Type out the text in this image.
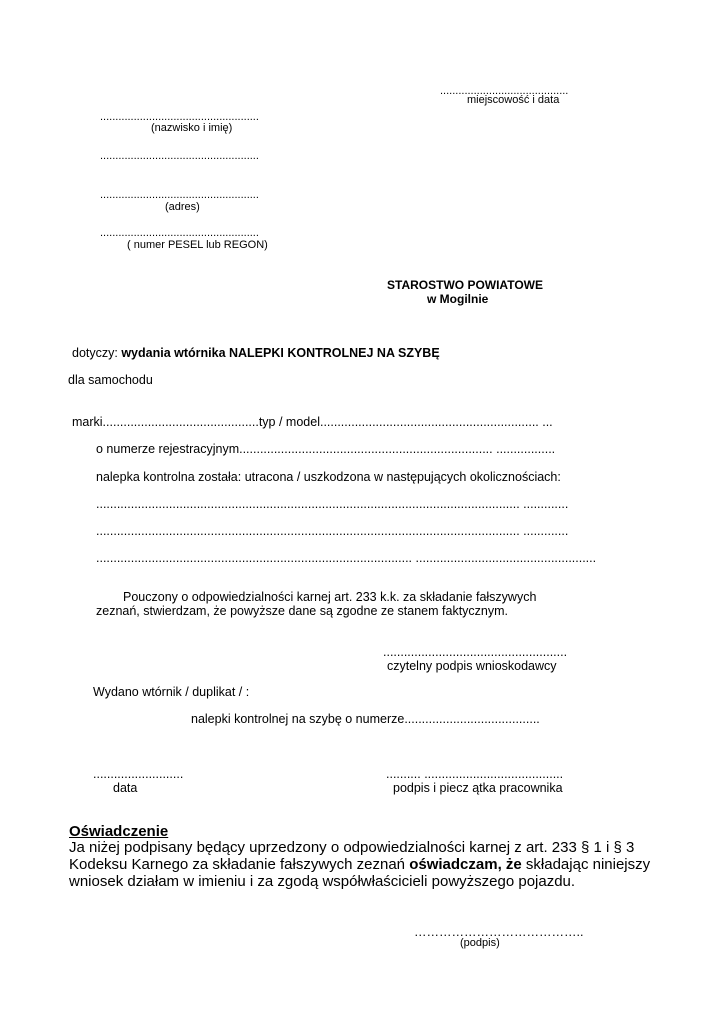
..........................................
miejscowość i data
....................................................
(nazwisko i imię)
....................................................
....................................................
(adres)
....................................................
( numer PESEL lub REGON)
STAROSTWO POWIATOWE
w Mogilnie
dotyczy: wydania wtórnika NALEPKI KONTROLNEJ NA SZYBĘ
dla samochodu
marki.............................................typ / model............................................................... ...
o numerze rejestracyjnym......................................................................... .................
nalepka kontrolna została: utracona / uszkodzona w następujących okolicznościach:
.......................................................................................................................... .............
.......................................................................................................................... .............
........................................................................................... ....................................................
Pouczony o odpowiedzialności karnej art. 233 k.k. za składanie fałszywych
zeznań, stwierdzam, że powyższe dane są zgodne ze stanem faktycznym.
.....................................................
czytelny podpis wnioskodawcy
Wydano wtórnik / duplikat / :
nalepki kontrolnej na szybę o numerze.......................................
..........................
data
.......... ........................................
podpis i piecz ątka pracownika
Oświadczenie
Ja niżej podpisany będący uprzedzony o odpowiedzialności karnej z art. 233 § 1 i § 3
Kodeksu Karnego za składanie fałszywych zeznań oświadczam, że składając niniejszy
wniosek działam w imieniu i za zgodą współwłaścicieli powyższego pojazdu.
…………………………………..
(podpis)
